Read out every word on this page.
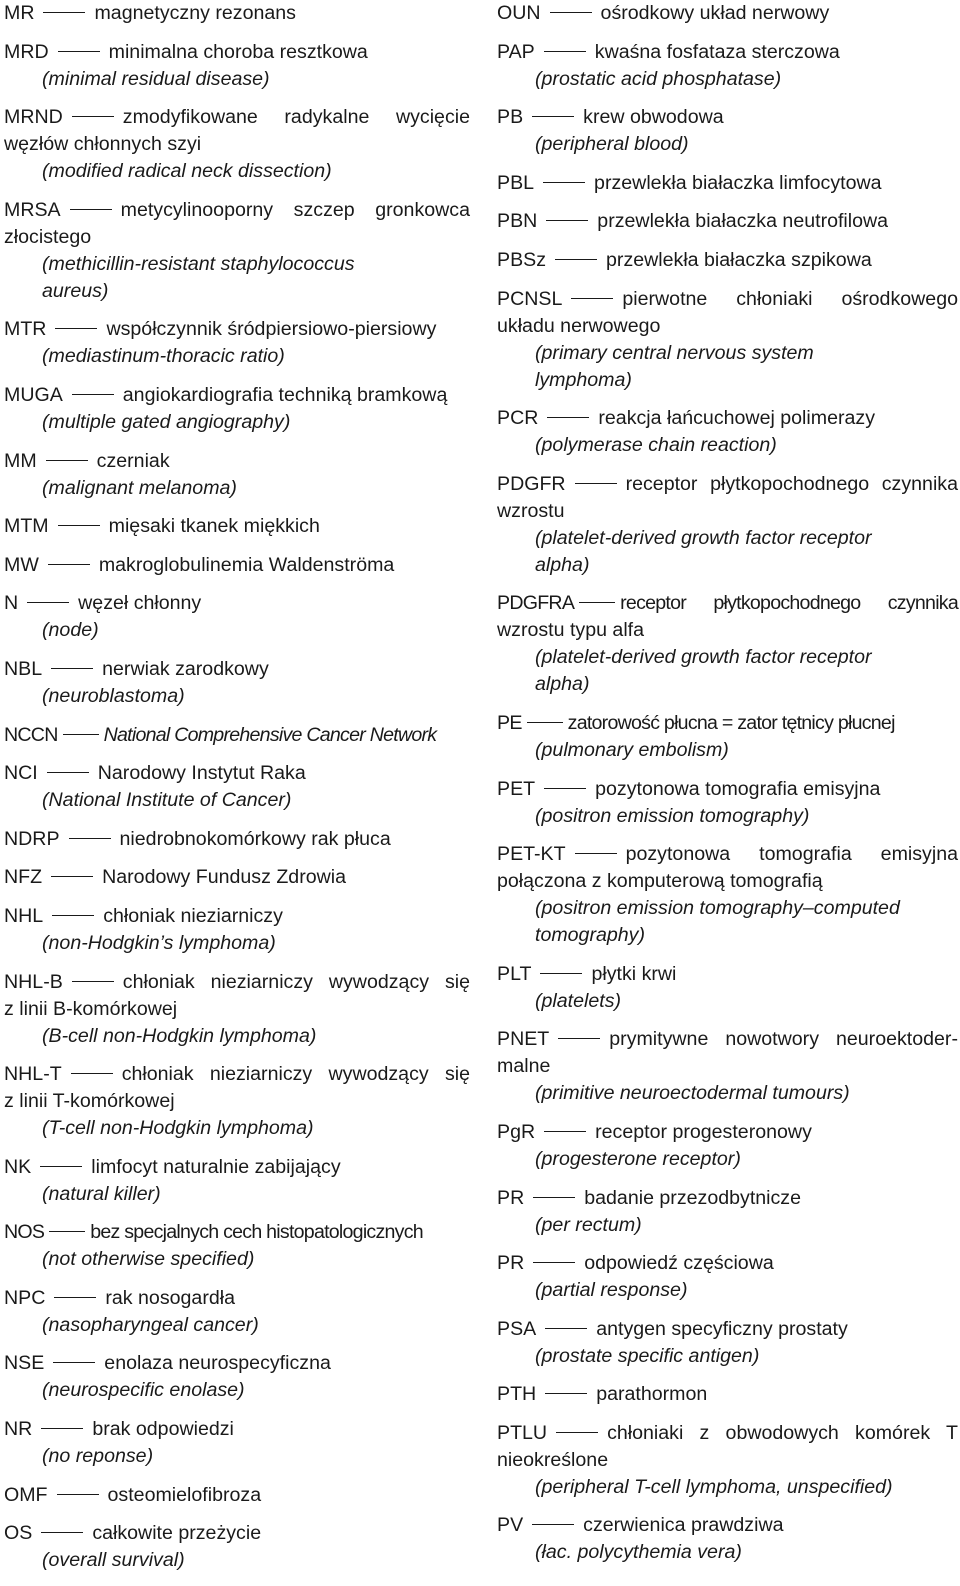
MR	magnetyczny rezonans
MRD	minimalna choroba resztkowa
(minimal residual disease)
MRND	zmodyfikowane radykalne wycięcie
węzłów chłonnych szyi
(modified radical neck dissection)
MRSA	metycylinooporny szczep gronkowca
złocistego
(methicillin-resistant staphylococcus
aureus)
MTR	współczynnik śródpiersiowo-piersiowy
(mediastinum-thoracic ratio)
MUGA	angiokardiografia techniką bramkową
(multiple gated angiography)
MM	czerniak
(malignant melanoma)
MTM	mięsaki tkanek miękkich
MW	makroglobulinemia Waldenströma
N	węzeł chłonny
(node)
NBL	nerwiak zarodkowy
(neuroblastoma)
NCCN National Comprehensive Cancer Network
NCI	Narodowy Instytut Raka
(National Institute of Cancer)
NDRP	niedrobnokomórkowy rak płuca
NFZ	Narodowy Fundusz Zdrowia
NHL	chłoniak nieziarniczy
(non-Hodgkin’s lymphoma)
NHL-B	chłoniak nieziarniczy wywodzący się
z linii B-komórkowej
(B-cell non-Hodgkin lymphoma)
NHL-T	chłoniak nieziarniczy wywodzący się
z linii T-komórkowej
(T-cell non-Hodgkin lymphoma)
NK	limfocyt naturalnie zabijający
(natural killer)
NOS bez specjalnych cech histopatologicznych
(not otherwise specified)
NPC	rak nosogardła
(nasopharyngeal cancer)
NSE	enolaza neurospecyficzna
(neurospecific enolase)
NR	brak odpowiedzi
(no reponse)
OMF	osteomielofibroza
OS	całkowite przeżycie
(overall survival)
OUN	ośrodkowy układ nerwowy
PAP	kwaśna fosfataza sterczowa
(prostatic acid phosphatase)
PB	krew obwodowa
(peripheral blood)
PBL	przewlekła białaczka limfocytowa
PBN	przewlekła białaczka neutrofilowa
PBSz	przewlekła białaczka szpikowa
PCNSL	pierwotne chłoniaki ośrodkowego
układu nerwowego
(primary central nervous system
lymphoma)
PCR	reakcja łańcuchowej polimerazy
(polymerase chain reaction)
PDGFR	receptor płytkopochodnego czynnika
wzrostu
(platelet-derived growth factor receptor
alpha)
PDGFRA receptor płytkopochodnego czynnika
wzrostu typu alfa
(platelet-derived growth factor receptor
alpha)
PE zatorowość płucna = zator tętnicy płucnej
(pulmonary embolism)
PET	pozytonowa tomografia emisyjna
(positron emission tomography)
PET-KT	pozytonowa tomografia emisyjna
połączona z komputerową tomografią
(positron emission tomography–computed
tomography)
PLT	płytki krwi
(platelets)
PNET	prymitywne nowotwory neuroektoder-
malne
(primitive neuroectodermal tumours)
PgR	receptor progesteronowy
(progesterone receptor)
PR	badanie przezodbytnicze
(per rectum)
PR	odpowiedź częściowa
(partial response)
PSA	antygen specyficzny prostaty
(prostate specific antigen)
PTH	parathormon
PTLU	chłoniaki z obwodowych komórek T
nieokreślone
(peripheral T-cell lymphoma, unspecified)
PV	czerwienica prawdziwa
(łac. polycythemia vera)
